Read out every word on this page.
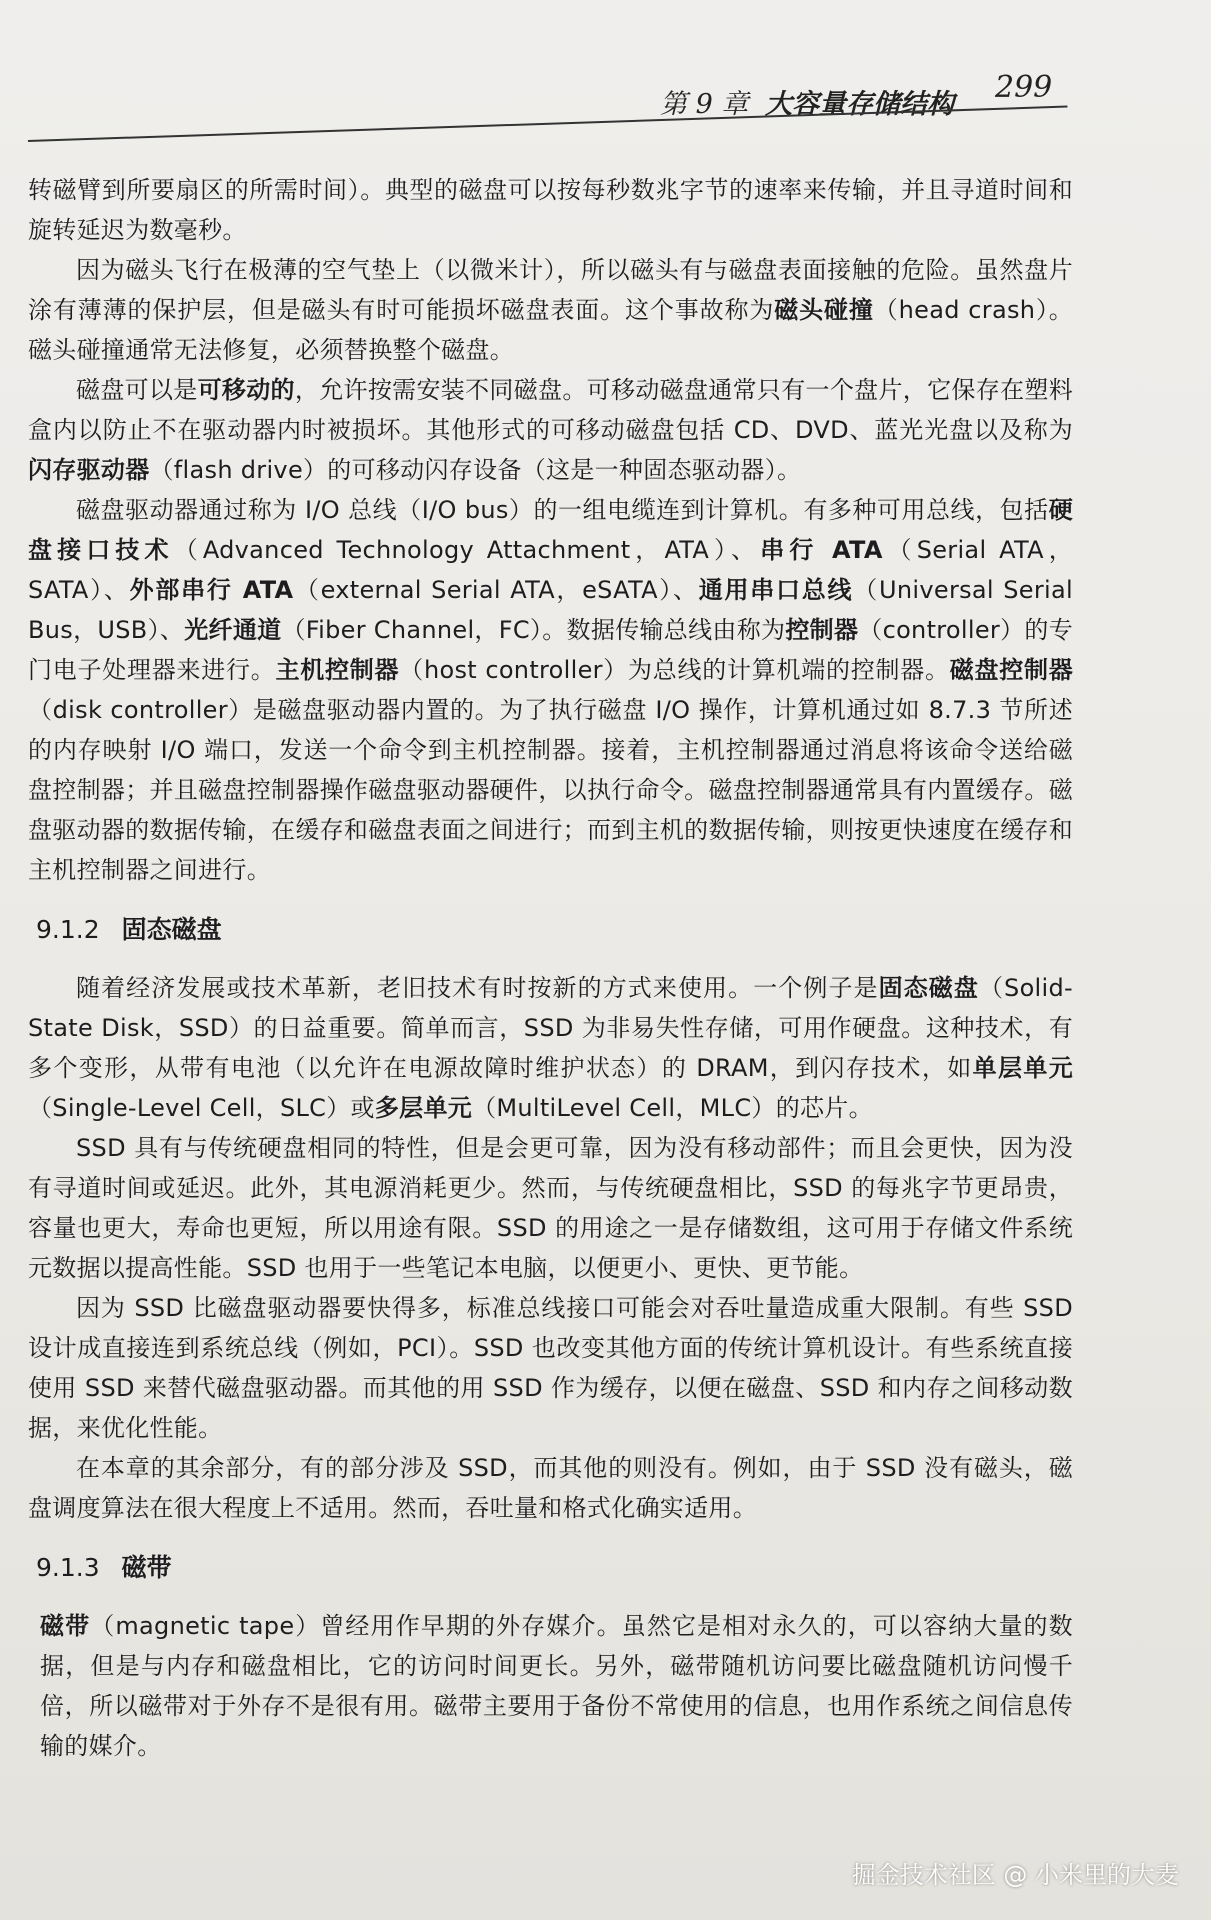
第 9 章 大容量存储结构 299

转磁臂到所要扇区的所需时间）。典型的磁盘可以按每秒数兆字节的速率来传输，并且寻道时间和旋转延迟为数毫秒。

因为磁头飞行在极薄的空气垫上（以微米计），所以磁头有与磁盘表面接触的危险。虽然盘片涂有薄薄的保护层，但是磁头有时可能损坏磁盘表面。这个事故称为磁头碰撞（head crash）。磁头碰撞通常无法修复，必须替换整个磁盘。

磁盘可以是可移动的，允许按需安装不同磁盘。可移动磁盘通常只有一个盘片，它保存在塑料盒内以防止不在驱动器内时被损坏。其他形式的可移动磁盘包括 CD、DVD、蓝光光盘以及称为闪存驱动器（flash drive）的可移动闪存设备（这是一种固态驱动器）。

磁盘驱动器通过称为 I/O 总线（I/O bus）的一组电缆连到计算机。有多种可用总线，包括硬盘接口技术（Advanced Technology Attachment，ATA）、串行 ATA（Serial ATA，SATA）、外部串行 ATA（external Serial ATA，eSATA）、通用串口总线（Universal Serial Bus，USB）、光纤通道（Fiber Channel，FC）。数据传输总线由称为控制器（controller）的专门电子处理器来进行。主机控制器（host controller）为总线的计算机端的控制器。磁盘控制器（disk controller）是磁盘驱动器内置的。为了执行磁盘 I/O 操作，计算机通过如 8.7.3 节所述的内存映射 I/O 端口，发送一个命令到主机控制器。接着，主机控制器通过消息将该命令送给磁盘控制器；并且磁盘控制器操作磁盘驱动器硬件，以执行命令。磁盘控制器通常具有内置缓存。磁盘驱动器的数据传输，在缓存和磁盘表面之间进行；而到主机的数据传输，则按更快速度在缓存和主机控制器之间进行。

9.1.2 固态磁盘

随着经济发展或技术革新，老旧技术有时按新的方式来使用。一个例子是固态磁盘（Solid-State Disk，SSD）的日益重要。简单而言，SSD 为非易失性存储，可用作硬盘。这种技术，有多个变形，从带有电池（以允许在电源故障时维护状态）的 DRAM，到闪存技术，如单层单元（Single-Level Cell，SLC）或多层单元（MultiLevel Cell，MLC）的芯片。

SSD 具有与传统硬盘相同的特性，但是会更可靠，因为没有移动部件；而且会更快，因为没有寻道时间或延迟。此外，其电源消耗更少。然而，与传统硬盘相比，SSD 的每兆字节更昂贵，容量也更大，寿命也更短，所以用途有限。SSD 的用途之一是存储数组，这可用于存储文件系统元数据以提高性能。SSD 也用于一些笔记本电脑，以便更小、更快、更节能。

因为 SSD 比磁盘驱动器要快得多，标准总线接口可能会对吞吐量造成重大限制。有些 SSD 设计成直接连到系统总线（例如，PCI）。SSD 也改变其他方面的传统计算机设计。有些系统直接使用 SSD 来替代磁盘驱动器。而其他的用 SSD 作为缓存，以便在磁盘、SSD 和内存之间移动数据，来优化性能。

在本章的其余部分，有的部分涉及 SSD，而其他的则没有。例如，由于 SSD 没有磁头，磁盘调度算法在很大程度上不适用。然而，吞吐量和格式化确实适用。

9.1.3 磁带

磁带（magnetic tape）曾经用作早期的外存媒介。虽然它是相对永久的，可以容纳大量的数据，但是与内存和磁盘相比，它的访问时间更长。另外，磁带随机访问要比磁盘随机访问慢千倍，所以磁带对于外存不是很有用。磁带主要用于备份不常使用的信息，也用作系统之间信息传输的媒介。

掘金技术社区 @ 小米里的大麦
